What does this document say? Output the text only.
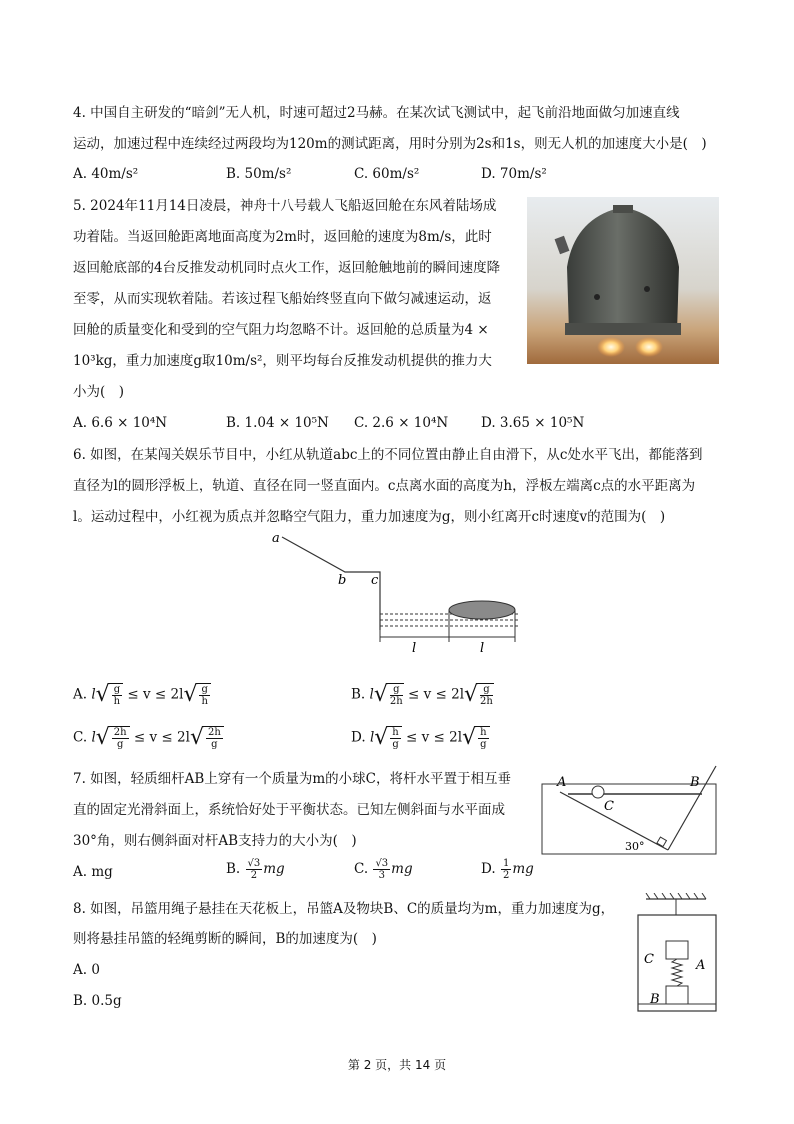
4. 中国自主研发的“暗剑”无人机，时速可超过2马赫。在某次试飞测试中，起飞前沿地面做匀加速直线
运动，加速过程中连续经过两段均为120m的测试距离，用时分别为2s和1s，则无人机的加速度大小是(　)
A. 40m/s²	B. 50m/s²	C. 60m/s²	D. 70m/s²
5. 2024年11月14日凌晨，神舟十八号载人飞船返回舱在东风着陆场成
功着陆。当返回舱距离地面高度为2m时，返回舱的速度为8m/s，此时
返回舱底部的4台反推发动机同时点火工作，返回舱触地前的瞬间速度降
至零，从而实现软着陆。若该过程飞船始终竖直向下做匀减速运动，返
回舱的质量变化和受到的空气阻力均忽略不计。返回舱的总质量为4 ×
10³kg，重力加速度g取10m/s²，则平均每台反推发动机提供的推力大
小为(　)
A. 6.6 × 10⁴N	B. 1.04 × 10⁵N C. 2.6 × 10⁴N D. 3.65 × 10⁵N
6. 如图，在某闯关娱乐节目中，小红从轨道abc上的不同位置由静止自由滑下，从c处水平飞出，都能落到
直径为l的圆形浮板上，轨道、直径在同一竖直面内。c点离水面的高度为h，浮板左端离c点的水平距离为
l。运动过程中，小红视为质点并忽略空气阻力，重力加速度为g，则小红离开c时速度v的范围为(　)
a
b c
l	l
A. $l√ \frac{g}{h} \le v \le 2l√ \frac{g}{h}$	B. $l√ \frac{g}{2h} \le v \le 2l√ \frac{g}{2h}$
C. $l√ \frac{2h}{g} \le v \le 2l√ \frac{2h}{g}$	D. $l√ \frac{h}{g} \le v \le 2l√ \frac{h}{g}$
7. 如图，轻质细杆AB上穿有一个质量为m的小球C，将杆水平置于相互垂
直的固定光滑斜面上，系统恰好处于平衡状态。已知左侧斜面与水平面成
30°角，则右侧斜面对杆AB支持力的大小为(　)
A	B
C
30°
A. mg	B. $\frac{√3}{2}$ mg	C. $\frac{√3}{3}$ mg	D. $\frac{1}{2}$ mg
8. 如图，吊篮用绳子悬挂在天花板上，吊篮A及物块B、C的质量均为m，重力加速度为g，
则将悬挂吊篮的轻绳剪断的瞬间，B的加速度为(　)
A. 0
B. 0.5g
C	A
B
第 2 页，共 14 页
